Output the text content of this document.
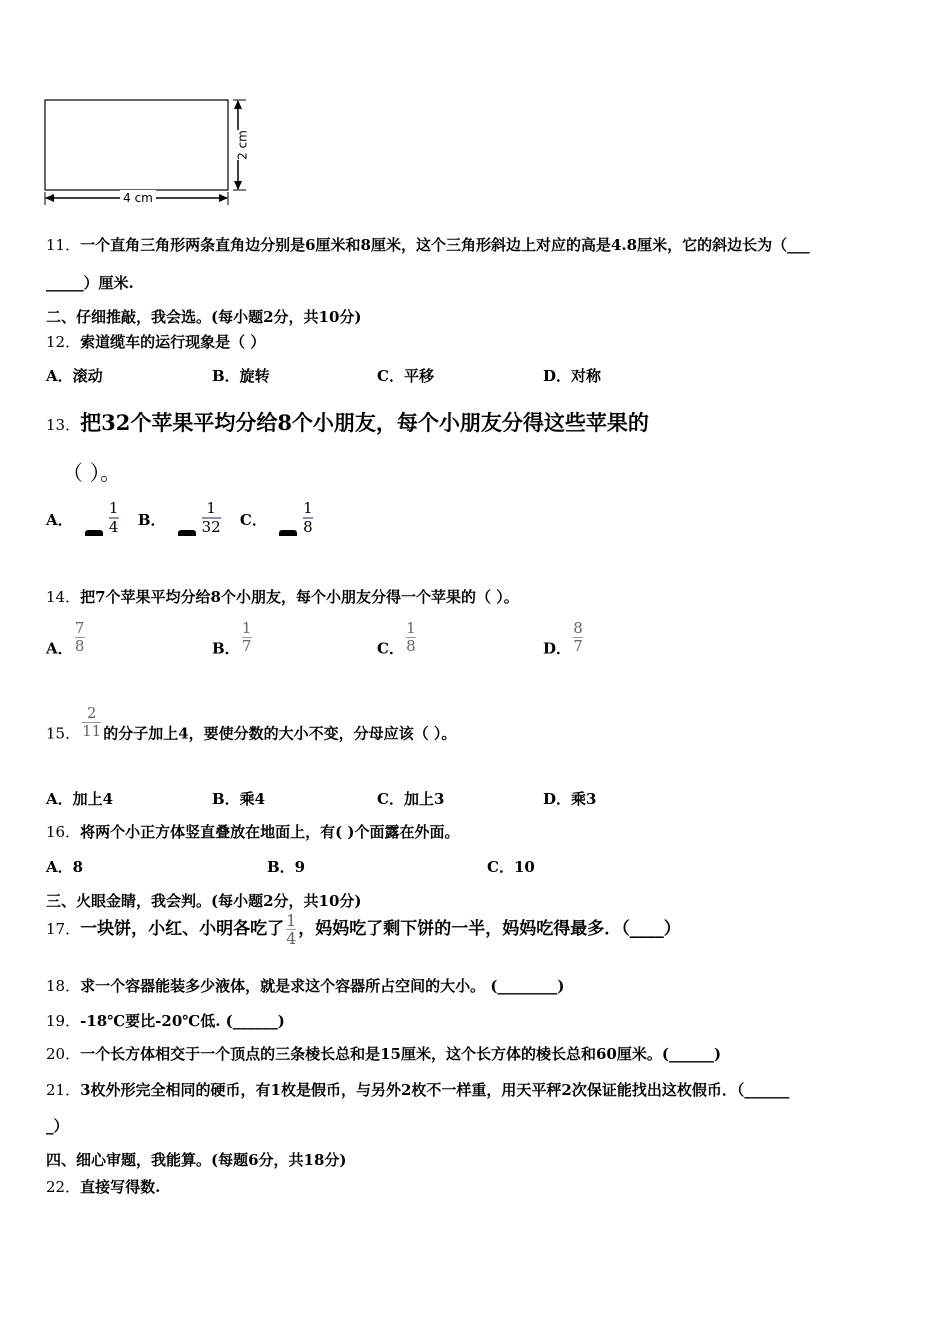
2 cm
4 cm
11．一个直角三角形两条直角边分别是6厘米和8厘米，这个三角形斜边上对应的高是4.8厘米，它的斜边长为（___
_____）厘米.
二、仔细推敲，我会选。(每小题2分，共10分)
12．索道缆车的运行现象是（ ）
A．滚动	B．旋转	C．平移	D．对称
13．把32个苹果平均分给8个小朋友，每个小朋友分得这些苹果的
（ ）。
A． $\frac{1}{4}$
B． $\frac{1}{32}$
C． $\frac{1}{8}$
14．把7个苹果平均分给8个小朋友，每个小朋友分得一个苹果的（ ）。
A． $\frac{7}{8}$	B． $\frac{1}{7}$	C． $\frac{1}{8}$	D． $\frac{8}{7}$
15． $\frac{2}{11}$ 的分子加上4，要使分数的大小不变，分母应该（ ）。
A．加上4	B．乘4	C．加上3	D．乘3
16．将两个小正方体竖直叠放在地面上，有( )个面露在外面。
A．8	B．9	C．10
三、火眼金睛，我会判。(每小题2分，共10分)
17．一块饼，小红、小明各吃了 $\frac{1}{4}$ ，妈妈吃了剩下饼的一半，妈妈吃得最多．（____）
18．求一个容器能装多少液体，就是求这个容器所占空间的大小。 (________)
19．-18℃要比-20℃低. (______)
20．一个长方体相交于一个顶点的三条棱长总和是15厘米，这个长方体的棱长总和60厘米。(______)
21．3枚外形完全相同的硬币，有1枚是假币，与另外2枚不一样重，用天平秤2次保证能找出这枚假币．（______
_）
四、细心审题，我能算。(每题6分，共18分)
22．直接写得数.
